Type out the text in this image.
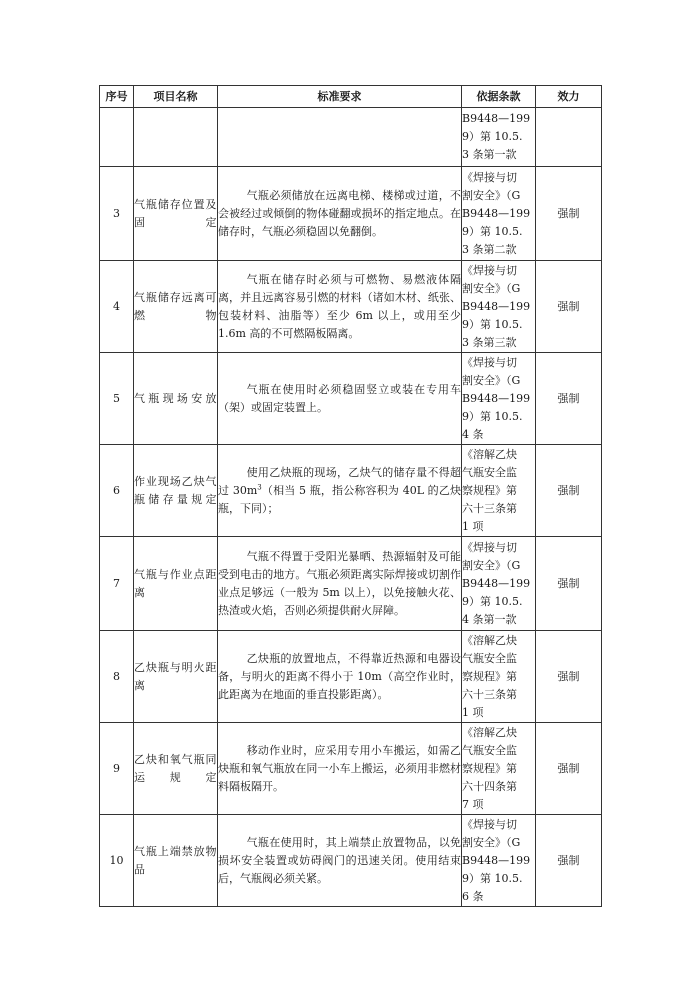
序号	项目名称	标准要求	依据条款	效力

			B9448—199
9）第 10.5.
3 条第一款	

3	气瓶储存位置及固定	气瓶必须储放在远离电梯、楼梯或过道，不会被经过或倾倒的物体碰翻或损坏的指定地点。在储存时，气瓶必须稳固以免翻倒。	《焊接与切
割安全》（G
B9448—199
9）第 10.5.
3 条第二款	强制
4	气瓶储存远离可燃物	气瓶在储存时必须与可燃物、易燃液体隔离，并且远离容易引燃的材料（诸如木材、纸张、包装材料、油脂等）至少 6m 以上，或用至少 1.6m 高的不可燃隔板隔离。	《焊接与切
割安全》（G
B9448—199
9）第 10.5.
3 条第三款	强制
5	气瓶现场安放	气瓶在使用时必须稳固竖立或装在专用车（架）或固定装置上。	《焊接与切
割安全》（G
B9448—199
9）第 10.5.
4 条	强制
6	作业现场乙炔气瓶储存量规定	使用乙炔瓶的现场，乙炔气的储存量不得超过 $30m^3$（相当 5 瓶，指公称容积为 40L 的乙炔瓶，下同）；	《溶解乙炔
气瓶安全监
察规程》第
六十三条第
1 项	强制
7	气瓶与作业点距离	气瓶不得置于受阳光暴晒、热源辐射及可能受到电击的地方。气瓶必须距离实际焊接或切割作业点足够远（一般为 5m 以上），以免接触火花、热渣或火焰，否则必须提供耐火屏障。	《焊接与切
割安全》（G
B9448—199
9）第 10.5.
4 条第一款	强制
8	乙炔瓶与明火距离	乙炔瓶的放置地点，不得靠近热源和电器设备，与明火的距离不得小于 10m（高空作业时，此距离为在地面的垂直投影距离）。	《溶解乙炔
气瓶安全监
察规程》第
六十三条第
1 项	强制
9	乙炔和氧气瓶同运规定	移动作业时，应采用专用小车搬运，如需乙炔瓶和氧气瓶放在同一小车上搬运，必须用非燃材料隔板隔开。	《溶解乙炔
气瓶安全监
察规程》第
六十四条第
7 项	强制
10	气瓶上端禁放物品	气瓶在使用时，其上端禁止放置物品，以免损坏安全装置或妨碍阀门的迅速关闭。使用结束后，气瓶阀必须关紧。	《焊接与切
割安全》（G
B9448—199
9）第 10.5.
6 条	强制
